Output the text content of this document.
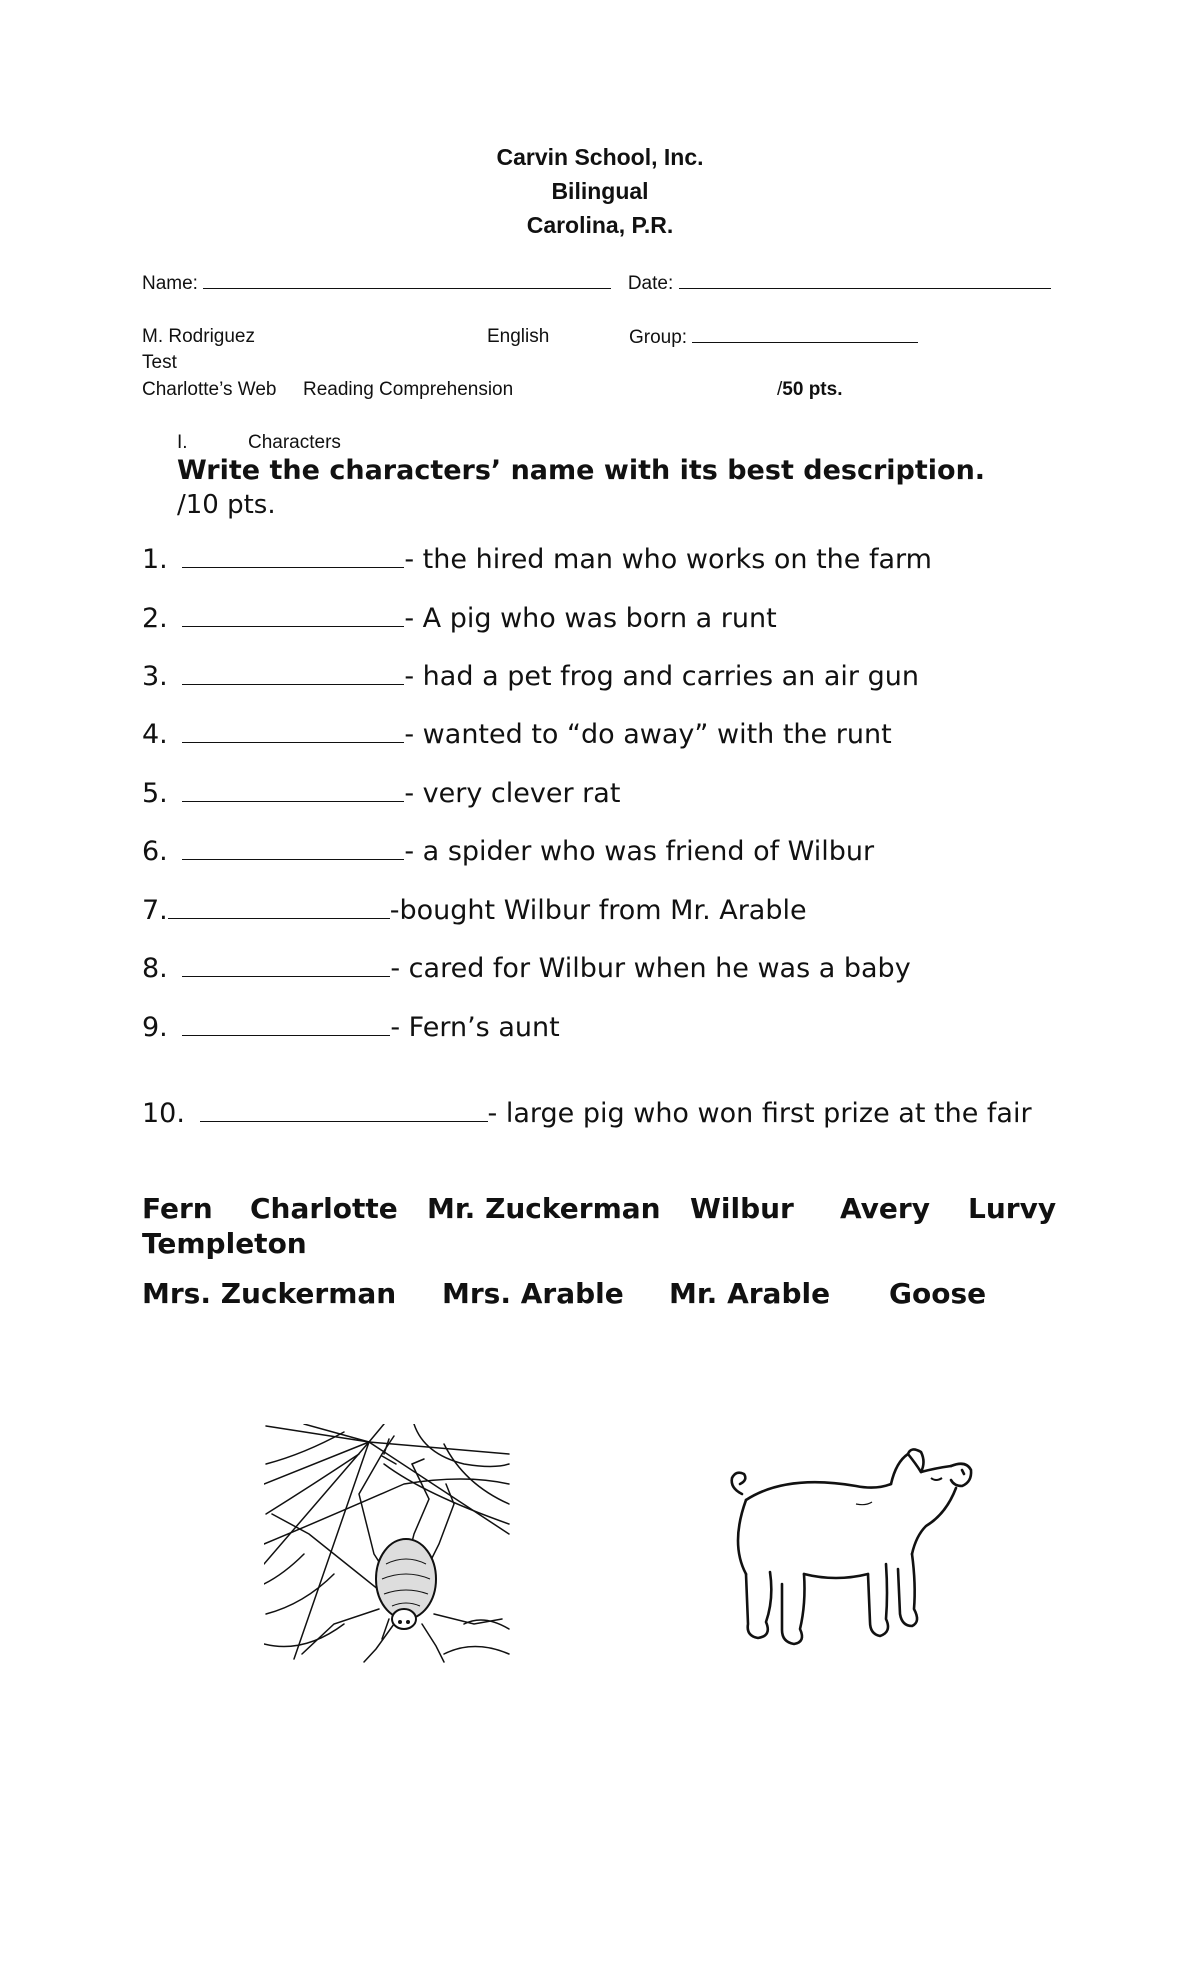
Carvin School, Inc.
Bilingual
Carolina, P.R.
Name:	Date:
M. Rodriguez	English	Group:
Test
Charlotte’s Web Reading Comprehension	/50 pts.
I.	Characters
Write the characters’ name with its best description.
/10 pts.
1.	- the hired man who works on the farm
2.	- A pig who was born a runt
3.	- had a pet frog and carries an air gun
4.	- wanted to “do away” with the runt
5.	- very clever rat
6.	- a spider who was friend of Wilbur
7.	-bought Wilbur from Mr. Arable
8.	- cared for Wilbur when he was a baby
9.	- Fern’s aunt
10.	- large pig who won first prize at the fair
Fern Charlotte Mr. Zuckerman Wilbur Avery Lurvy
Templeton
Mrs. Zuckerman Mrs. Arable Mr. Arable Goose
